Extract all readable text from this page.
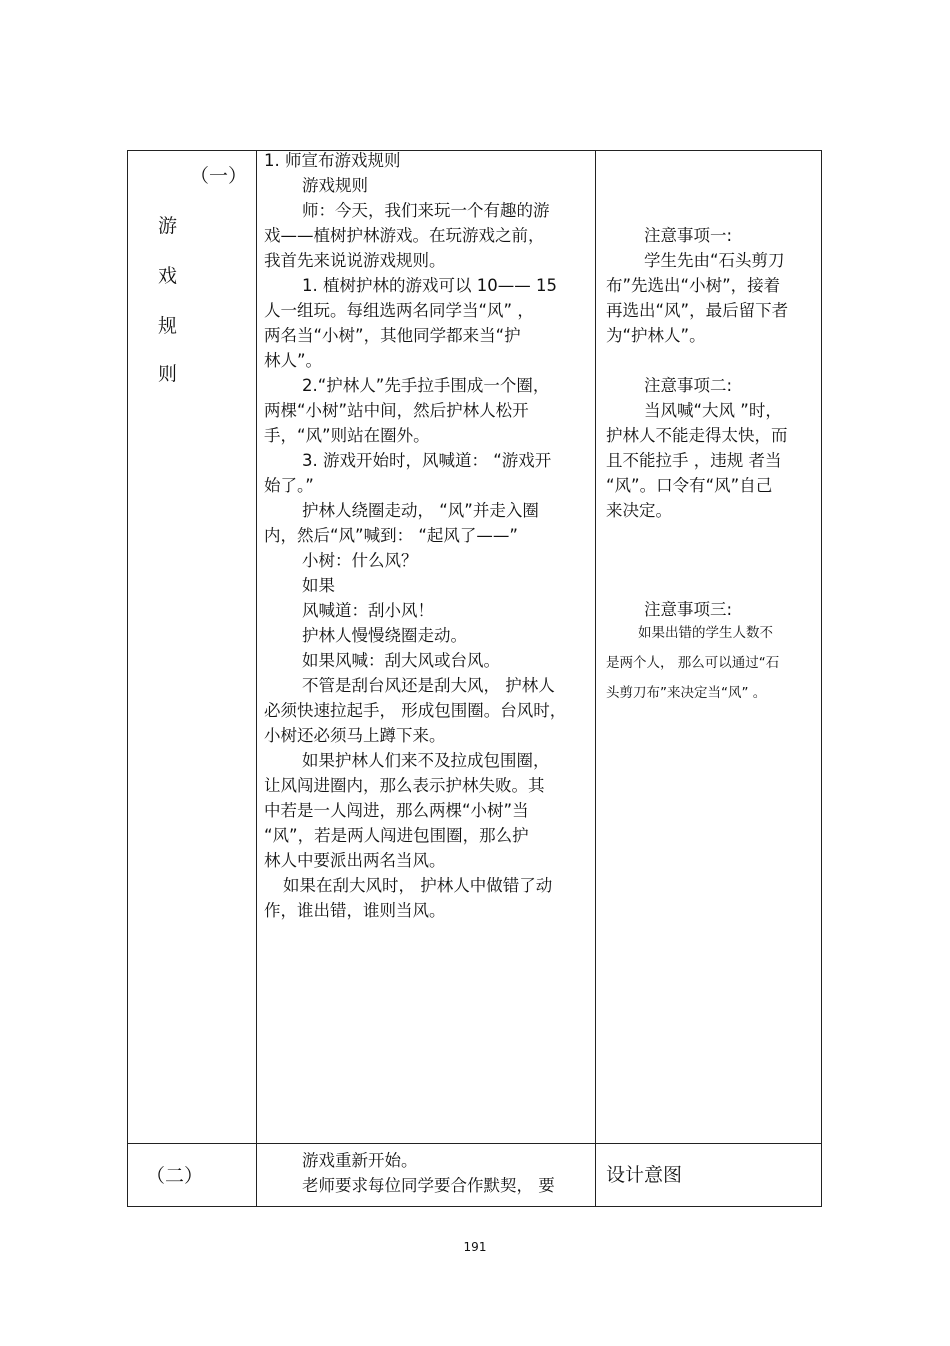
（一）
游
戏
规
则
1. 师宣布游戏规则
游戏规则
师：今天，我们来玩一个有趣的游
戏——植树护林游戏。在玩游戏之前，
我首先来说说游戏规则。
1. 植树护林的游戏可以 10—— 15
人一组玩。每组选两名同学当“风” ，
两名当“小树”，其他同学都来当“护
林人”。
2.“护林人”先手拉手围成一个圈，
两棵“小树”站中间，然后护林人松开
手，“风”则站在圈外。
3. 游戏开始时，风喊道： “游戏开
始了。”
护林人绕圈走动， “风”并走入圈
内，然后“风”喊到： “起风了——”
小树：什么风？
如果
风喊道：刮小风！
护林人慢慢绕圈走动。
如果风喊：刮大风或台风。
不管是刮台风还是刮大风， 护林人
必须快速拉起手， 形成包围圈。台风时，
小树还必须马上蹲下来。
如果护林人们来不及拉成包围圈，
让风闯进圈内，那么表示护林失败。其
中若是一人闯进，那么两棵“小树”当
“风”，若是两人闯进包围圈，那么护
林人中要派出两名当风。
如果在刮大风时， 护林人中做错了动
作，谁出错，谁则当风。
注意事项一:
学生先由“石头剪刀
布”先选出“小树”，接着
再选出“风”，最后留下者
为“护林人”。
注意事项二:
当风喊“大风 ”时，
护林人不能走得太快，而
且不能拉手 ，违规 者当
“风”。口令有“风”自己
来决定。
注意事项三:
如果出错的学生人数不
是两个人， 那么可以通过“石
头剪刀布”来决定当“风” 。
（二）
游戏重新开始。
老师要求每位同学要合作默契， 要	设计意图
191
